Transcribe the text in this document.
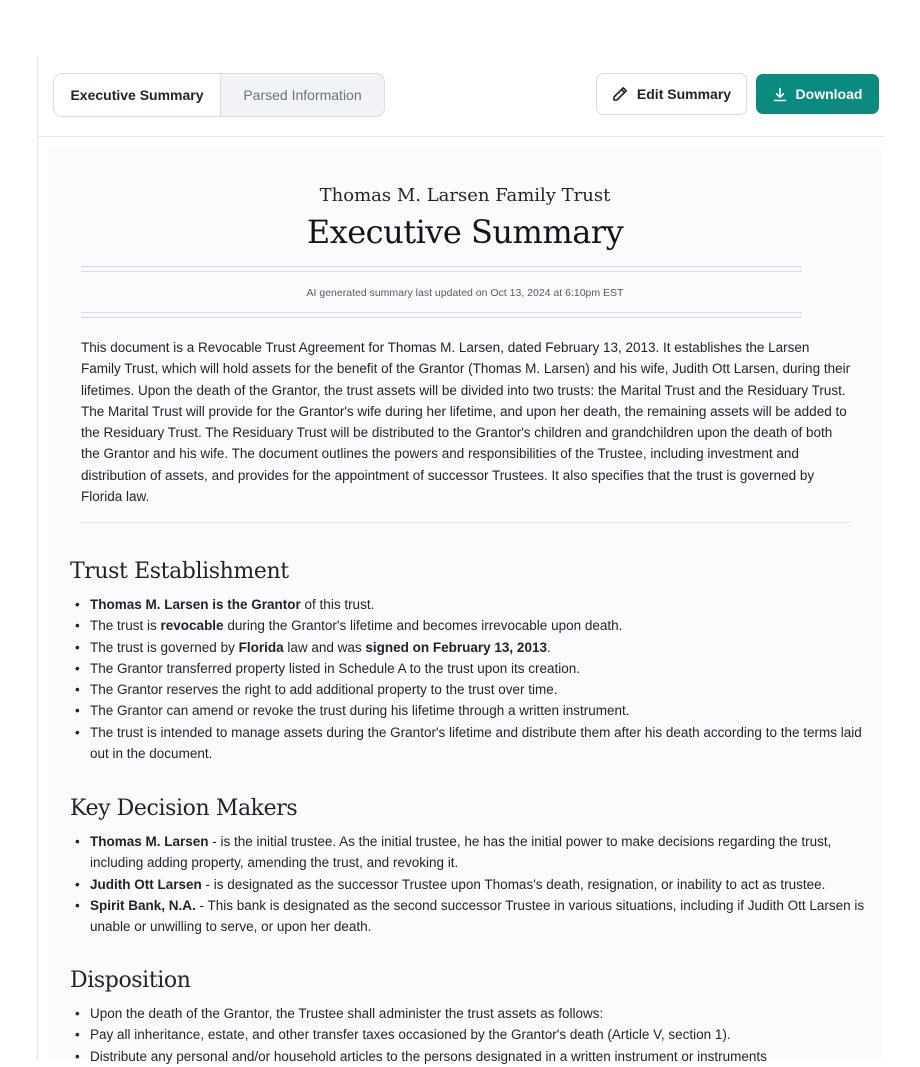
Executive Summary	Parsed Information	Edit Summary	Download
Thomas M. Larsen Family Trust
Executive Summary
AI generated summary last updated on Oct 13, 2024 at 6:10pm EST

This document is a Revocable Trust Agreement for Thomas M. Larsen, dated February 13, 2013. It establishes the Larsen Family Trust, which will hold assets for the benefit of the Grantor (Thomas M. Larsen) and his wife, Judith Ott Larsen, during their lifetimes. Upon the death of the Grantor, the trust assets will be divided into two trusts: the Marital Trust and the Residuary Trust. The Marital Trust will provide for the Grantor's wife during her lifetime, and upon her death, the remaining assets will be added to the Residuary Trust. The Residuary Trust will be distributed to the Grantor's children and grandchildren upon the death of both the Grantor and his wife. The document outlines the powers and responsibilities of the Trustee, including investment and distribution of assets, and provides for the appointment of successor Trustees. It also specifies that the trust is governed by Florida law.

Trust Establishment
• Thomas M. Larsen is the Grantor of this trust.
• The trust is revocable during the Grantor's lifetime and becomes irrevocable upon death.
• The trust is governed by Florida law and was signed on February 13, 2013.
• The Grantor transferred property listed in Schedule A to the trust upon its creation.
• The Grantor reserves the right to add additional property to the trust over time.
• The Grantor can amend or revoke the trust during his lifetime through a written instrument.
• The trust is intended to manage assets during the Grantor's lifetime and distribute them after his death according to the terms laid out in the document.
Key Decision Makers
• Thomas M. Larsen - is the initial trustee. As the initial trustee, he has the initial power to make decisions regarding the trust, including adding property, amending the trust, and revoking it.
• Judith Ott Larsen - is designated as the successor Trustee upon Thomas's death, resignation, or inability to act as trustee.
• Spirit Bank, N.A. - This bank is designated as the second successor Trustee in various situations, including if Judith Ott Larsen is unable or unwilling to serve, or upon her death.
Disposition
• Upon the death of the Grantor, the Trustee shall administer the trust assets as follows:
• Pay all inheritance, estate, and other transfer taxes occasioned by the Grantor's death (Article V, section 1).
• Distribute any personal and/or household articles to the persons designated in a written instrument or instruments
